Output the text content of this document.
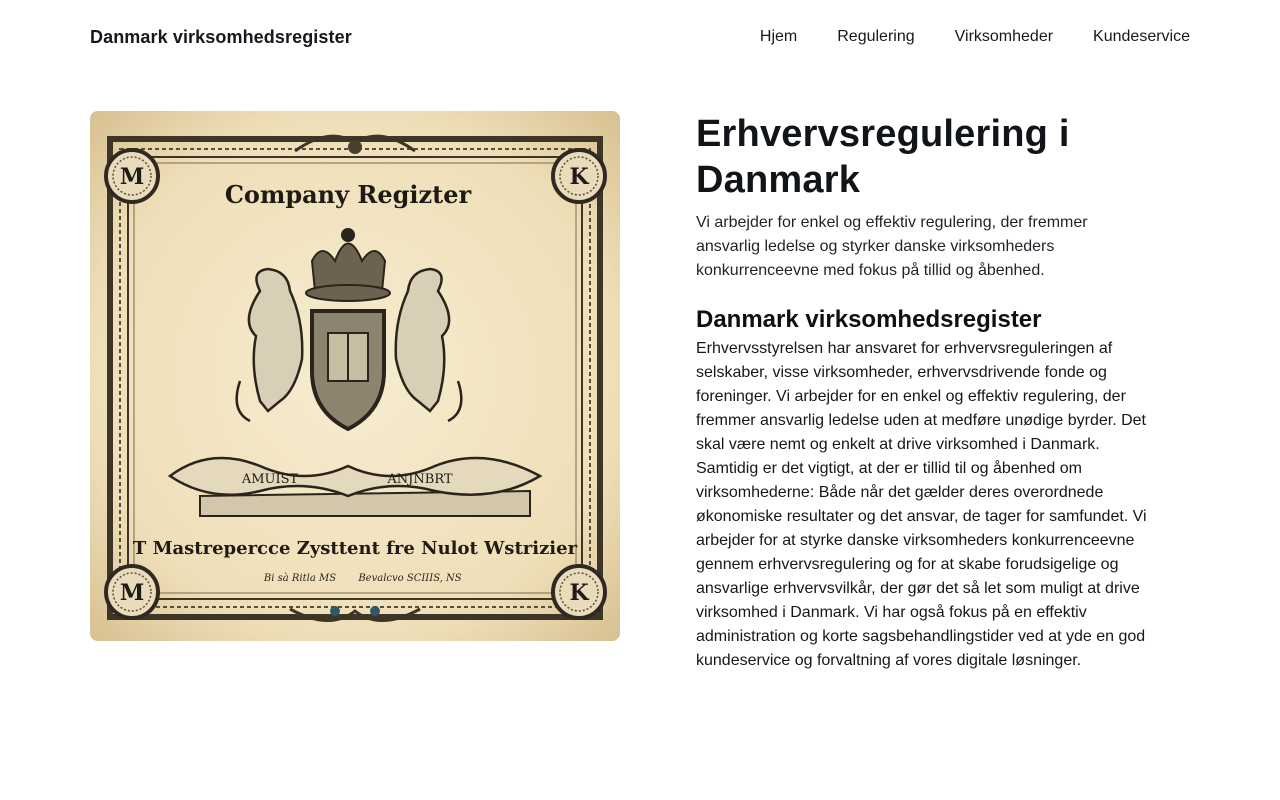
Danmark virksomhedsregister	Hjem	Regulering	Virksomheder	Kundeservice
M	K
M	K
Company Regizter
AMUIST	ANJNBRT
T Mastrepercce Zysttent fre Nulot Wstrizier
Bi sà Ritla MS Bevalcvo SCIIIS, NS
Erhvervsregulering i Danmark

Vi arbejder for enkel og effektiv regulering, der fremmer ansvarlig ledelse og styrker danske virksomheders konkurrenceevne med fokus på tillid og åbenhed.

Danmark virksomhedsregister

Erhvervsstyrelsen har ansvaret for erhvervsreguleringen af selskaber, visse virksomheder, erhvervsdrivende fonde og foreninger. Vi arbejder for en enkel og effektiv regulering, der fremmer ansvarlig ledelse uden at medføre unødige byrder. Det skal være nemt og enkelt at drive virksomhed i Danmark. Samtidig er det vigtigt, at der er tillid til og åbenhed om virksomhederne: Både når det gælder deres overordnede økonomiske resultater og det ansvar, de tager for samfundet. Vi arbejder for at styrke danske virksomheders konkurrenceevne gennem erhvervsregulering og for at skabe forudsigelige og ansvarlige erhvervsvilkår, der gør det så let som muligt at drive virksomhed i Danmark. Vi har også fokus på en effektiv administration og korte sagsbehandlingstider ved at yde en god kundeservice og forvaltning af vores digitale løsninger.
